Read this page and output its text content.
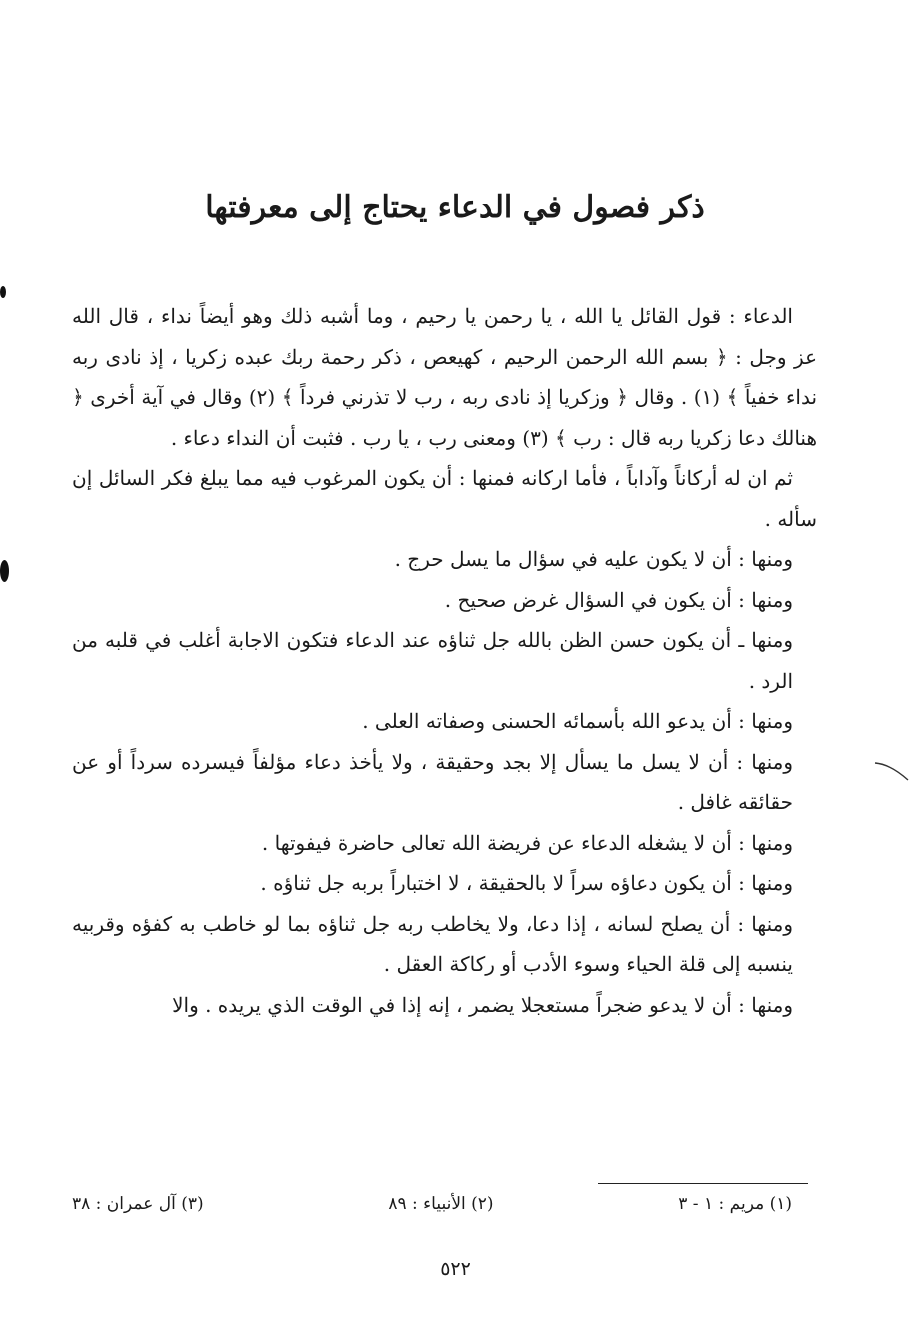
ذكر فصول في الدعاء يحتاج إلى معرفتها

الدعاء : قول القائل يا الله ، يا رحمن يا رحيم ، وما أشبه ذلك وهو أيضاً نداء ، قال الله عز وجل : ﴿ بسم الله الرحمن الرحيم ، كهيعص ، ذكر رحمة ربك عبده زكريا ، إذ نادى ربه نداء خفياً ﴾ (١) . وقال ﴿ وزكريا إذ نادى ربه ، رب لا تذرني فرداً ﴾ (٢) وقال في آية أخرى ﴿ هنالك دعا زكريا ربه قال : رب ﴾ (٣) ومعنى رب ، يا رب . فثبت أن النداء دعاء .

ثم ان له أركاناً وآداباً ، فأما اركانه فمنها : أن يكون المرغوب فيه مما يبلغ فكر السائل إن سأله .

ومنها : أن لا يكون عليه في سؤال ما يسل حرج .

ومنها : أن يكون في السؤال غرض صحيح .

ومنها ـ أن يكون حسن الظن بالله جل ثناؤه عند الدعاء فتكون الاجابة أغلب في قلبه من الرد .

ومنها : أن يدعو الله بأسمائه الحسنى وصفاته العلى .

ومنها : أن لا يسل ما يسأل إلا بجد وحقيقة ، ولا يأخذ دعاء مؤلفاً فيسرده سرداً أو عن حقائقه غافل .

ومنها : أن لا يشغله الدعاء عن فريضة الله تعالى حاضرة فيفوتها .

ومنها : أن يكون دعاؤه سراً لا بالحقيقة ، لا اختباراً بربه جل ثناؤه .

ومنها : أن يصلح لسانه ، إذا دعا، ولا يخاطب ربه جل ثناؤه بما لو خاطب به كفؤه وقربيه ينسبه إلى قلة الحياء وسوء الأدب أو ركاكة العقل .

ومنها : أن لا يدعو ضجراً مستعجلا يضمر ، إنه إذا في الوقت الذي يريده . والا

(١) مريم : ١ - ٣
(٢) الأنبياء : ٨٩
(٣) آل عمران : ٣٨
٥٢٢
